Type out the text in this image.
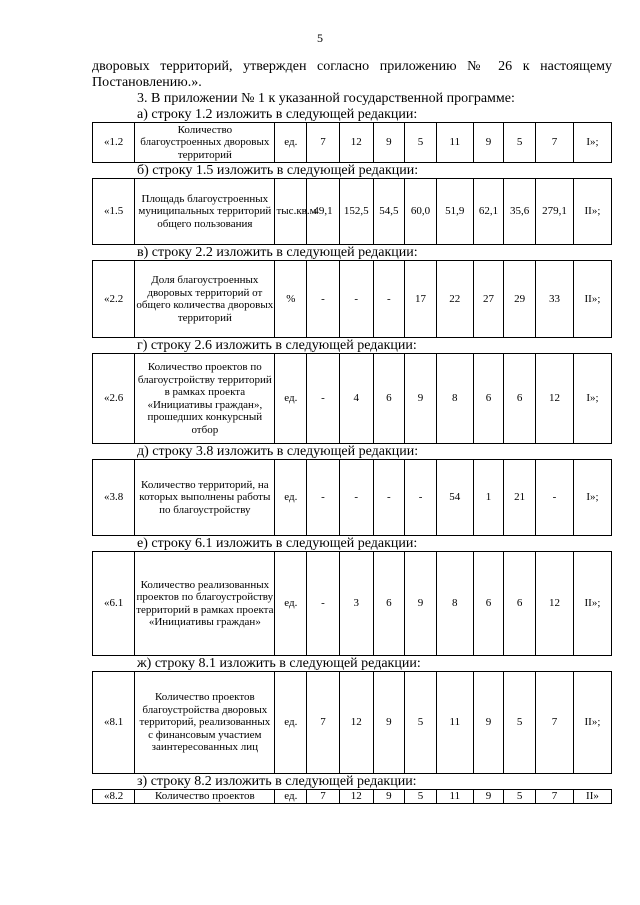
5
дворовых территорий, утвержден согласно приложению № 26 к настоящему
Постановлению.».
3. В приложении № 1 к указанной государственной программе:
а) строку 1.2 изложить в следующей редакции:
«1.2	Количество благоустроенных дворовых территорий	ед.	7	12	9	5	11	9	5	7	I»;
б) строку 1.5 изложить в следующей редакции:
«1.5	Площадь благоустроенных муниципальных территорий общего пользования	тыс.кв.м	49,1	152,5	54,5	60,0	51,9	62,1	35,6	279,1	II»;
в) строку 2.2 изложить в следующей редакции:
«2.2	Доля благоустроенных дворовых территорий от общего количества дворовых территорий	%	-	-	-	17	22	27	29	33	II»;
г) строку 2.6 изложить в следующей редакции:
«2.6	Количество проектов по благоустройству территорий в рамках проекта «Инициативы граждан», прошедших конкурсный отбор	ед.	-	4	6	9	8	6	6	12	I»;
д) строку 3.8 изложить в следующей редакции:
«3.8	Количество территорий, на которых выполнены работы по благоустройству	ед.	-	-	-	-	54	1	21	-	I»;
е) строку 6.1 изложить в следующей редакции:
«6.1	Количество реализованных проектов по благоустройству территорий в рамках проекта «Инициативы граждан»	ед.	-	3	6	9	8	6	6	12	II»;
ж) строку 8.1 изложить в следующей редакции:
«8.1	Количество проектов благоустройства дворовых территорий, реализованных с финансовым участием заинтересованных лиц	ед.	7	12	9	5	11	9	5	7	II»;
з) строку 8.2 изложить в следующей редакции:
«8.2	Количество проектов	ед.	7	12	9	5	11	9	5	7	II»
